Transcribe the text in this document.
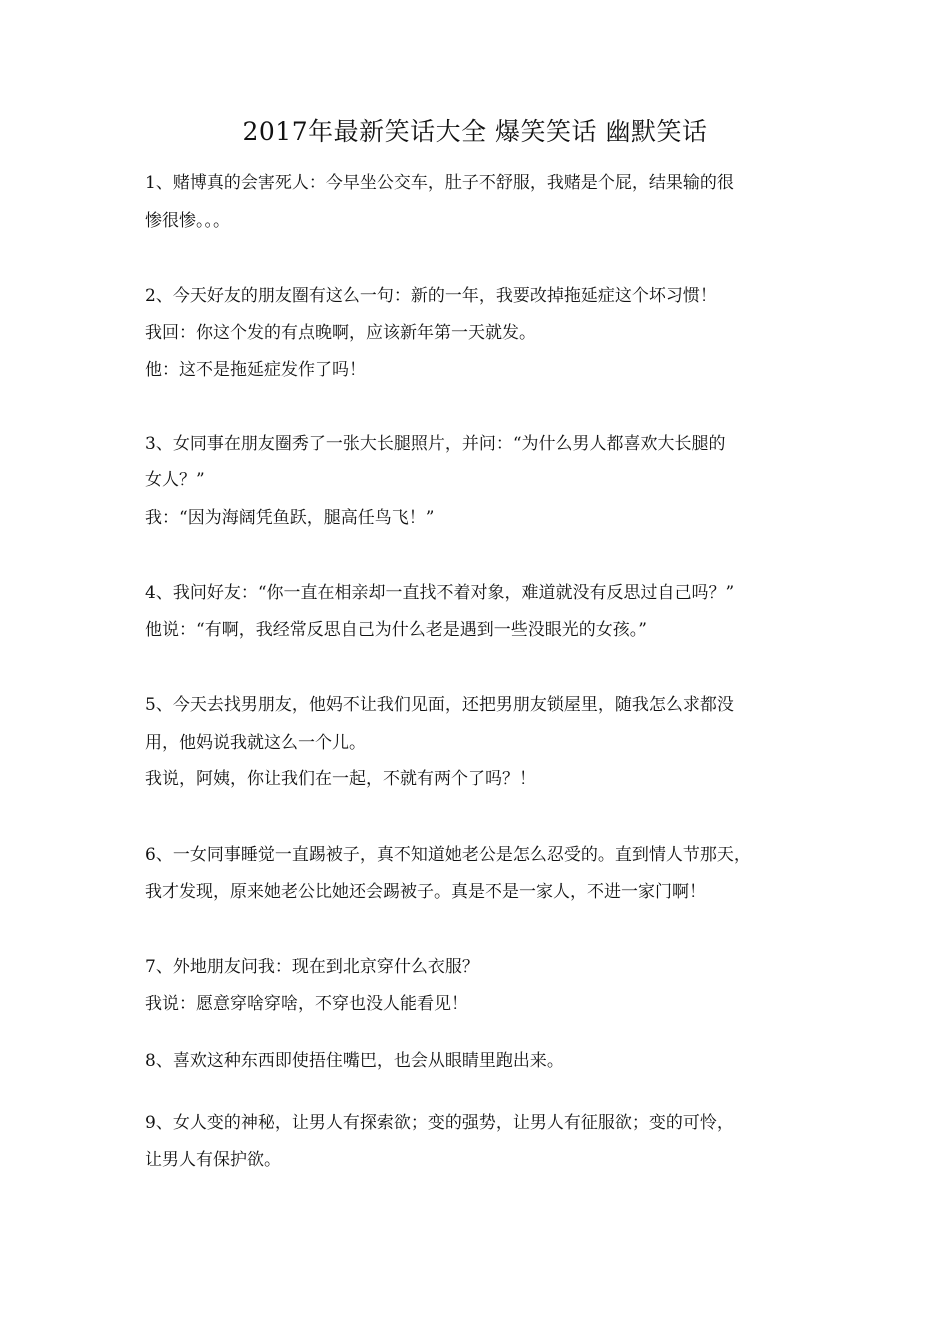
2017年最新笑话大全 爆笑笑话 幽默笑话
1、赌博真的会害死人：今早坐公交车，肚子不舒服，我赌是个屁，结果输的很
惨很惨。。。
2、今天好友的朋友圈有这么一句：新的一年，我要改掉拖延症这个坏习惯！
我回：你这个发的有点晚啊，应该新年第一天就发。
他：这不是拖延症发作了吗！
3、女同事在朋友圈秀了一张大长腿照片，并问：“为什么男人都喜欢大长腿的
女人？”
我：“因为海阔凭鱼跃，腿高任鸟飞！”
4、我问好友：“你一直在相亲却一直找不着对象，难道就没有反思过自己吗？”
他说：“有啊，我经常反思自己为什么老是遇到一些没眼光的女孩。”
5、今天去找男朋友，他妈不让我们见面，还把男朋友锁屋里，随我怎么求都没
用，他妈说我就这么一个儿。
我说，阿姨，你让我们在一起，不就有两个了吗？！
6、一女同事睡觉一直踢被子，真不知道她老公是怎么忍受的。直到情人节那天，
我才发现，原来她老公比她还会踢被子。真是不是一家人，不进一家门啊！
7、外地朋友问我：现在到北京穿什么衣服？
我说：愿意穿啥穿啥，不穿也没人能看见！
8、喜欢这种东西即使捂住嘴巴，也会从眼睛里跑出来。
9、女人变的神秘，让男人有探索欲；变的强势，让男人有征服欲；变的可怜，
让男人有保护欲。
